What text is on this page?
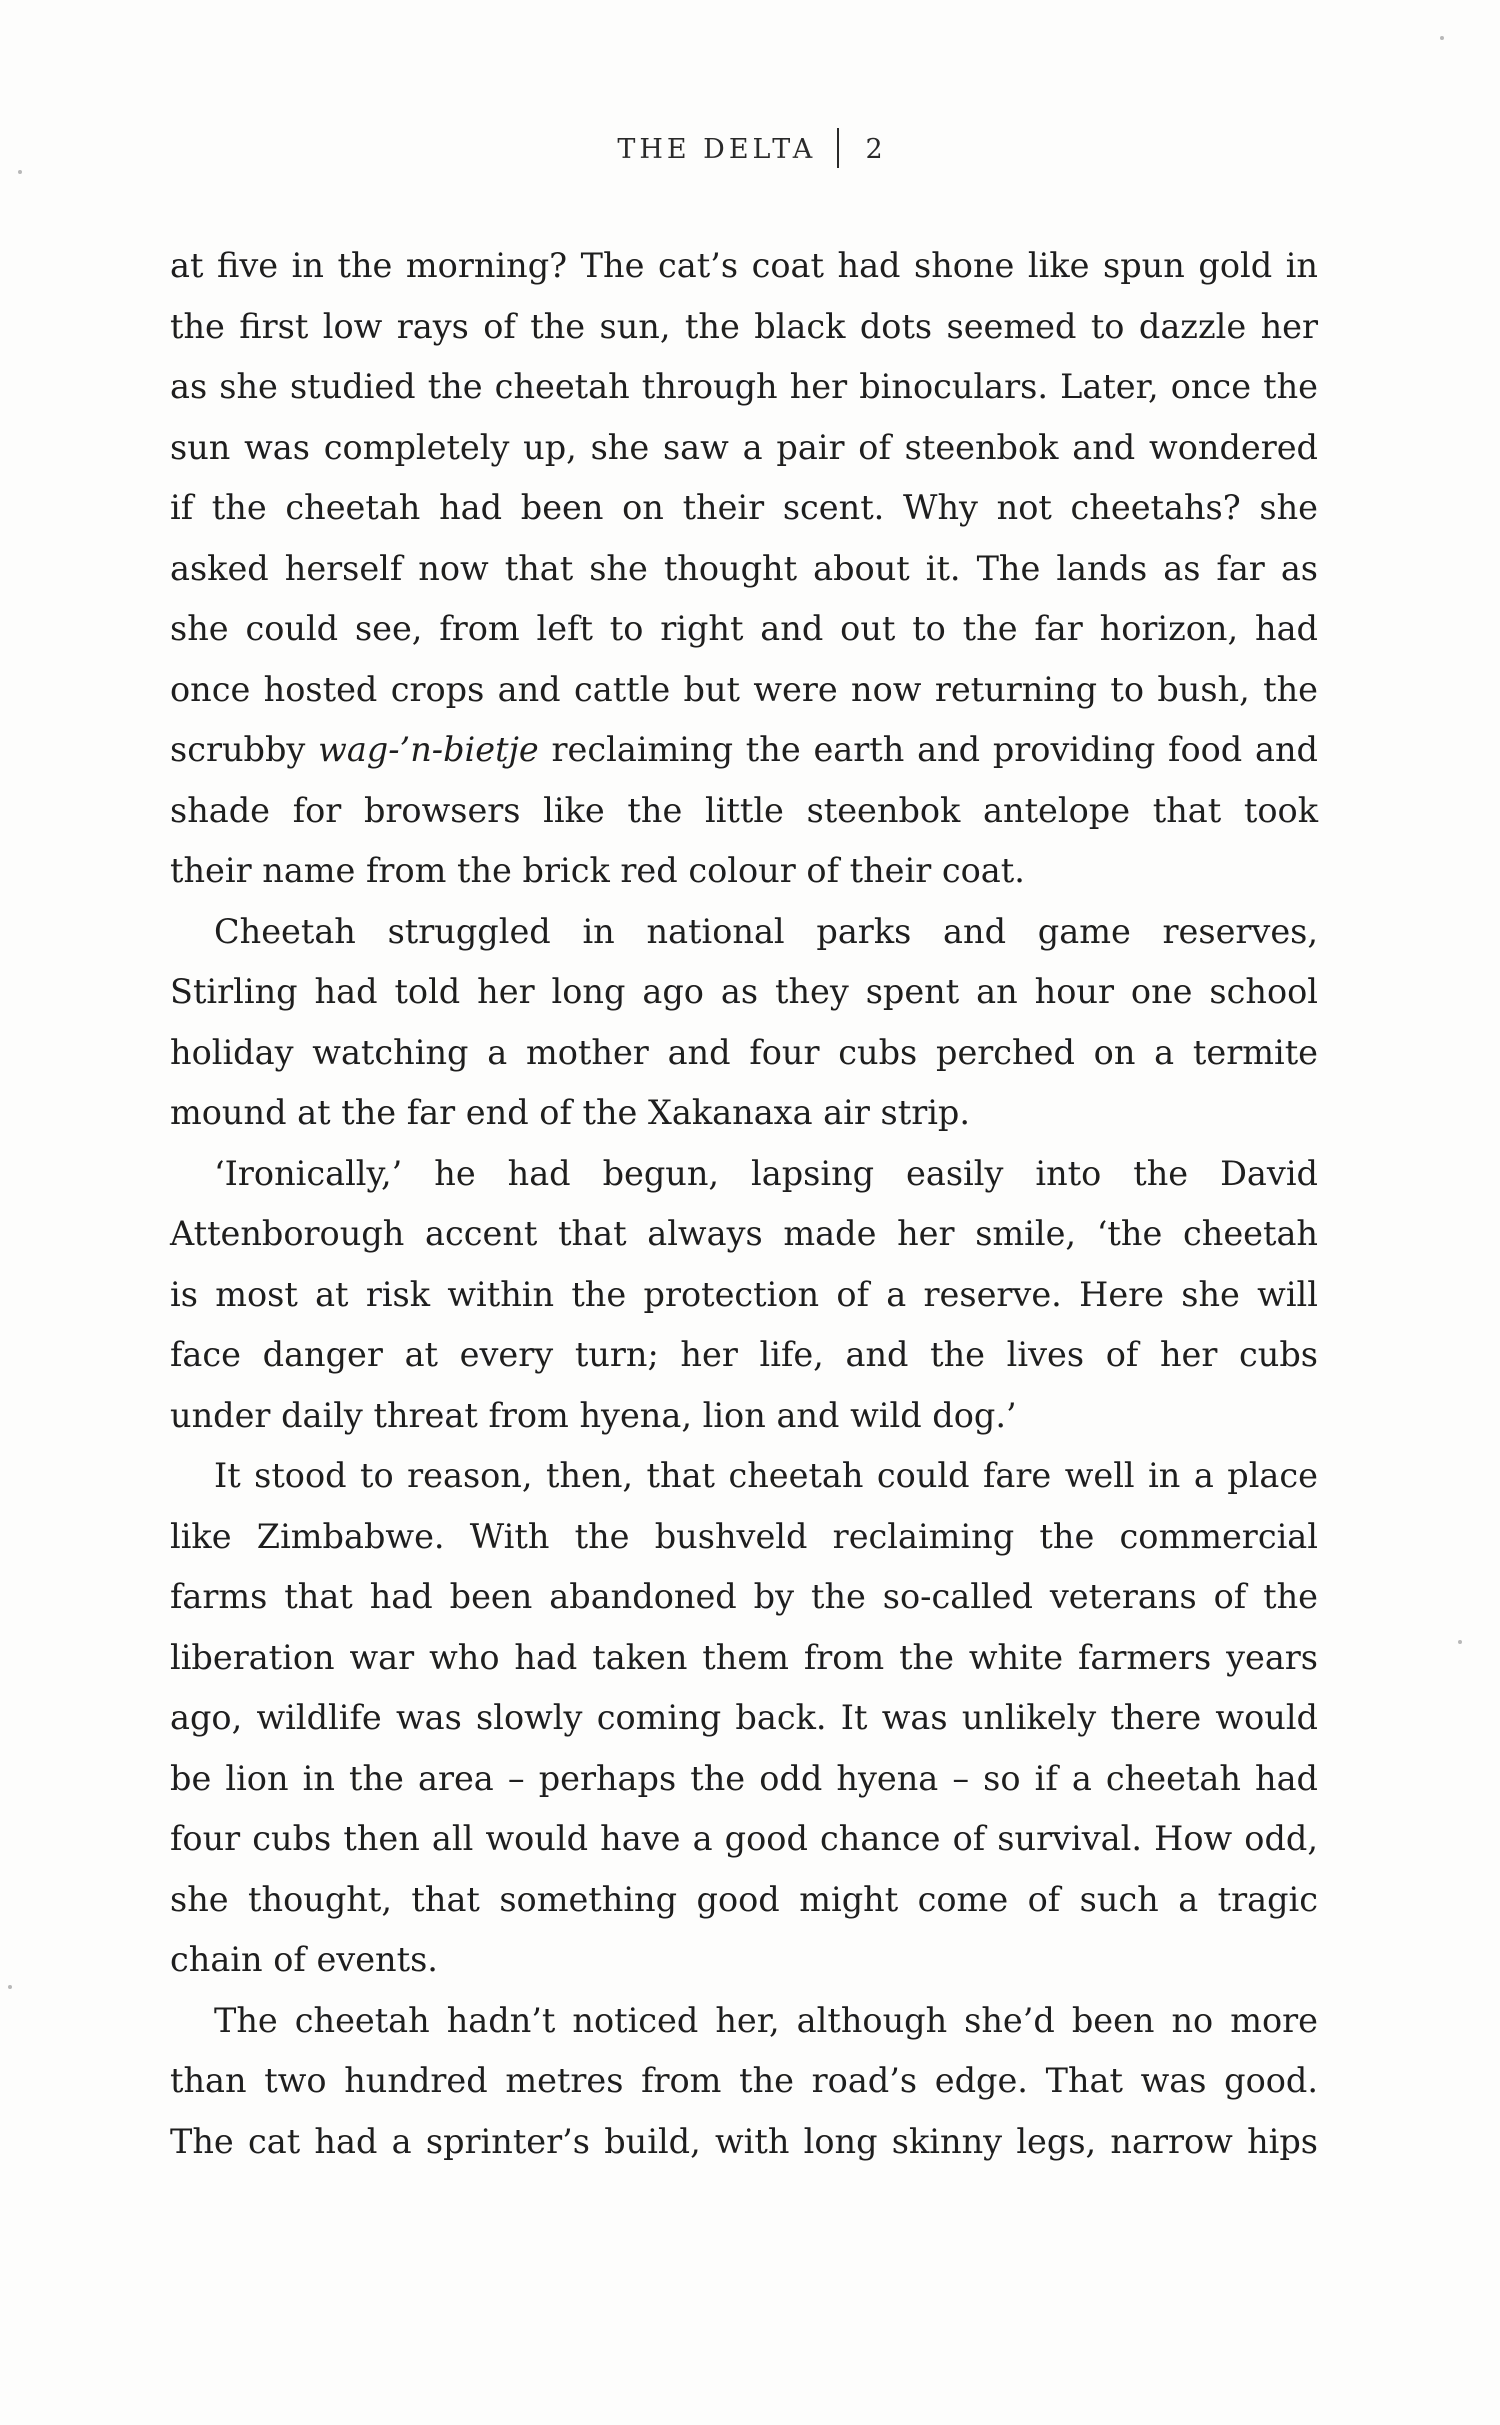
THE DELTA 2

at five in the morning? The cat’s coat had shone like spun gold in

the first low rays of the sun, the black dots seemed to dazzle her

as she studied the cheetah through her binoculars. Later, once the

sun was completely up, she saw a pair of steenbok and wondered

if the cheetah had been on their scent. Why not cheetahs? she

asked herself now that she thought about it. The lands as far as

she could see, from left to right and out to the far horizon, had

once hosted crops and cattle but were now returning to bush, the

scrubby wag-’n-bietje reclaiming the earth and providing food and

shade for browsers like the little steenbok antelope that took

their name from the brick red colour of their coat.

Cheetah struggled in national parks and game reserves,

Stirling had told her long ago as they spent an hour one school

holiday watching a mother and four cubs perched on a termite

mound at the far end of the Xakanaxa air strip.

‘Ironically,’ he had begun, lapsing easily into the David

Attenborough accent that always made her smile, ‘the cheetah

is most at risk within the protection of a reserve. Here she will

face danger at every turn; her life, and the lives of her cubs

under daily threat from hyena, lion and wild dog.’

It stood to reason, then, that cheetah could fare well in a place

like Zimbabwe. With the bushveld reclaiming the commercial

farms that had been abandoned by the so-called veterans of the

liberation war who had taken them from the white farmers years

ago, wildlife was slowly coming back. It was unlikely there would

be lion in the area – perhaps the odd hyena – so if a cheetah had

four cubs then all would have a good chance of survival. How odd,

she thought, that something good might come of such a tragic

chain of events.

The cheetah hadn’t noticed her, although she’d been no more

than two hundred metres from the road’s edge. That was good.

The cat had a sprinter’s build, with long skinny legs, narrow hips
